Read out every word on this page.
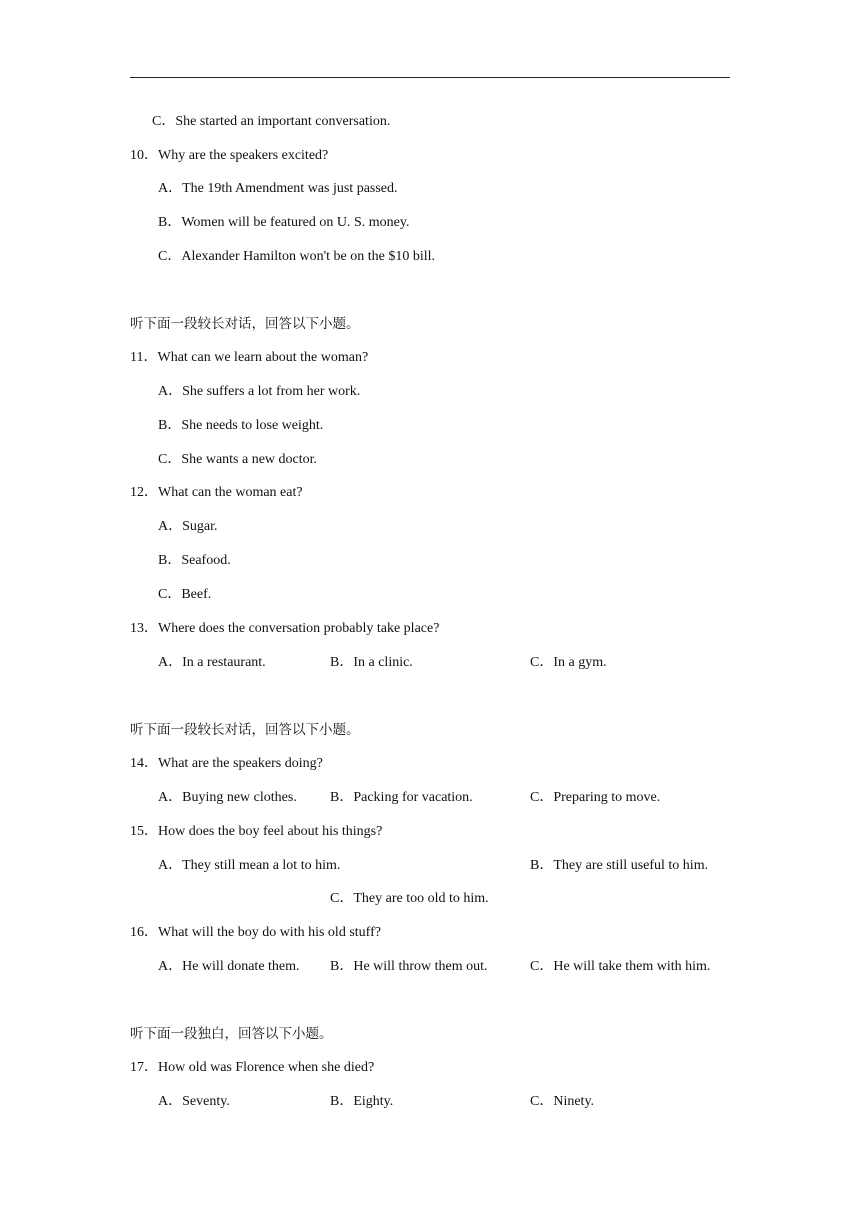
C．She started an important conversation.
10．Why are the speakers excited?
A．The 19th Amendment was just passed.
B．Women will be featured on U. S. money.
C．Alexander Hamilton won't be on the $10 bill.
听下面一段较长对话，回答以下小题。
11．What can we learn about the woman?
A．She suffers a lot from her work.
B．She needs to lose weight.
C．She wants a new doctor.
12．What can the woman eat?
A．Sugar.
B．Seafood.
C．Beef.
13．Where does the conversation probably take place?
A．In a restaurant.	B．In a clinic.	C．In a gym.
听下面一段较长对话，回答以下小题。
14．What are the speakers doing?
A．Buying new clothes. B．Packing for vacation.	C．Preparing to move.
15．How does the boy feel about his things?
A．They still mean a lot to him.	B．They are still useful to him.
C．They are too old to him.
16．What will the boy do with his old stuff?
A．He will donate them. B．He will throw them out.	C．He will take them with him.
听下面一段独白，回答以下小题。
17．How old was Florence when she died?
A．Seventy.	B．Eighty.	C．Ninety.
